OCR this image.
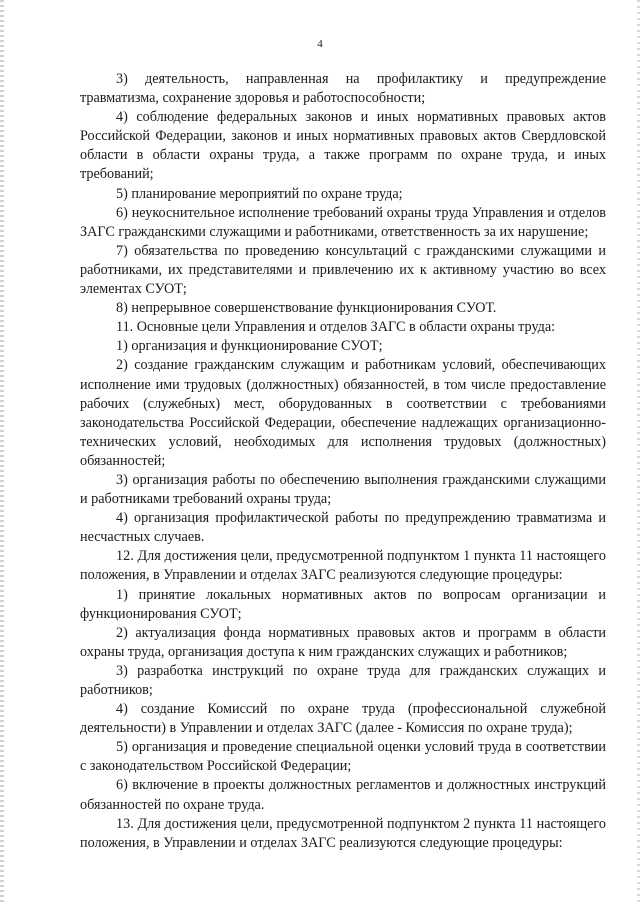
4

3) деятельность, направленная на профилактику и предупреждение травматизма, сохранение здоровья и работоспособности;

4) соблюдение федеральных законов и иных нормативных правовых актов Российской Федерации, законов и иных нормативных правовых актов Свердловской области в области охраны труда, а также программ по охране труда, и иных требований;

5) планирование мероприятий по охране труда;

6) неукоснительное исполнение требований охраны труда Управления и отделов ЗАГС гражданскими служащими и работниками, ответственность за их нарушение;

7) обязательства по проведению консультаций с гражданскими служащими и работниками, их представителями и привлечению их к активному участию во всех элементах СУОТ;

8) непрерывное совершенствование функционирования СУОТ.

11. Основные цели Управления и отделов ЗАГС в области охраны труда:

1) организация и функционирование СУОТ;

2) создание гражданским служащим и работникам условий, обеспечивающих исполнение ими трудовых (должностных) обязанностей, в том числе предоставление рабочих (служебных) мест, оборудованных в соответствии с требованиями законодательства Российской Федерации, обеспечение надлежащих организационно-технических условий, необходимых для исполнения трудовых (должностных) обязанностей;

3) организация работы по обеспечению выполнения гражданскими служащими и работниками требований охраны труда;

4) организация профилактической работы по предупреждению травматизма и несчастных случаев.

12. Для достижения цели, предусмотренной подпунктом 1 пункта 11 настоящего положения, в Управлении и отделах ЗАГС реализуются следующие процедуры:

1) принятие локальных нормативных актов по вопросам организации и функционирования СУОТ;

2) актуализация фонда нормативных правовых актов и программ в области охраны труда, организация доступа к ним гражданских служащих и работников;

3) разработка инструкций по охране труда для гражданских служащих и работников;

4) создание Комиссий по охране труда (профессиональной служебной деятельности) в Управлении и отделах ЗАГС (далее - Комиссия по охране труда);

5) организация и проведение специальной оценки условий труда в соответствии с законодательством Российской Федерации;

6) включение в проекты должностных регламентов и должностных инструкций обязанностей по охране труда.

13. Для достижения цели, предусмотренной подпунктом 2 пункта 11 настоящего положения, в Управлении и отделах ЗАГС реализуются следующие процедуры:
